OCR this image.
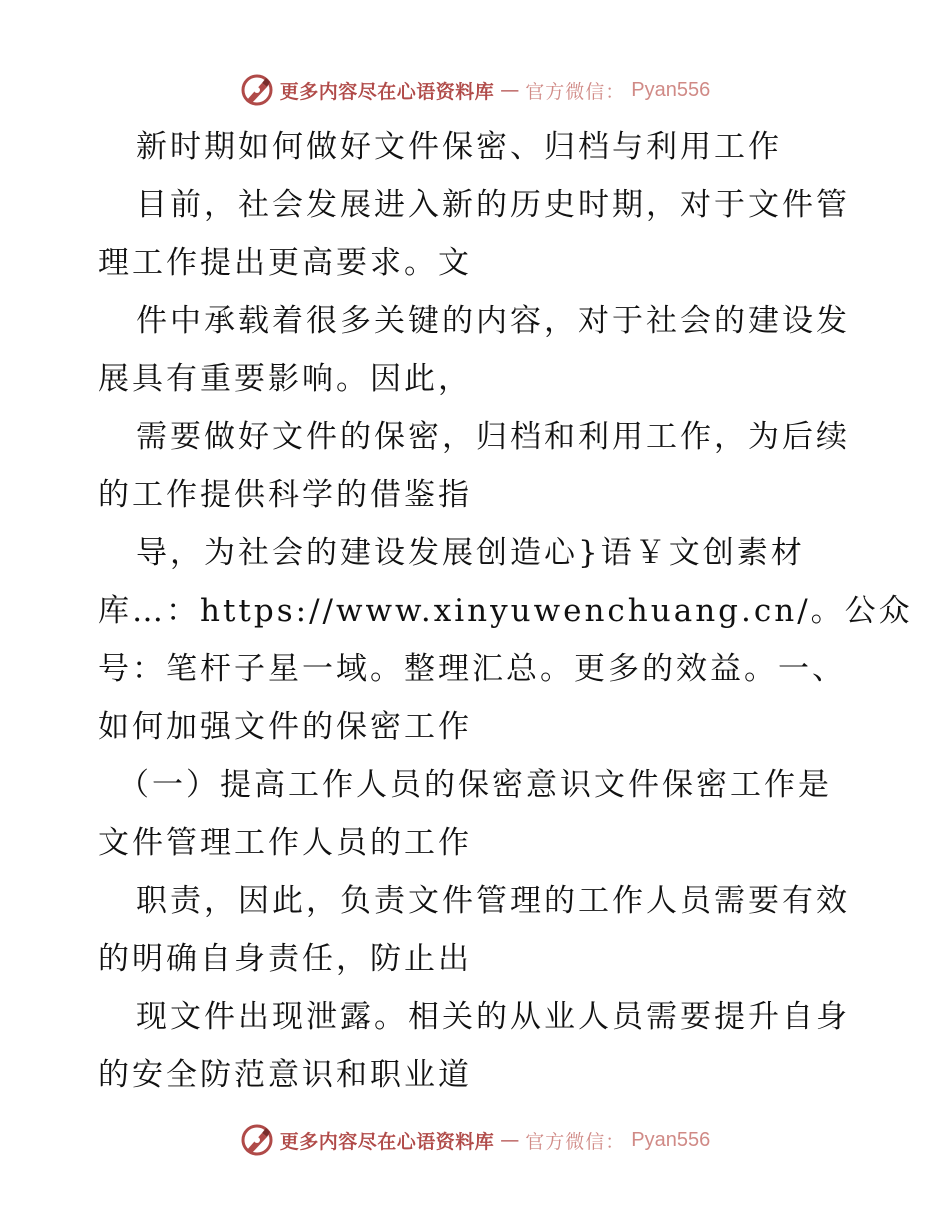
更多内容尽在心语资料库 — 官方微信： Pyan556
新时期如何做好文件保密、归档与利用工作
目前，社会发展进入新的历史时期，对于文件管
理工作提出更高要求。文
件中承载着很多关键的内容，对于社会的建设发
展具有重要影响。因此，
需要做好文件的保密，归档和利用工作，为后续
的工作提供科学的借鉴指
导，为社会的建设发展创造心}语￥文创素材
库…：https://www.xinyuwenchuang.cn/。公众
号：笔杆子星一域。整理汇总。更多的效益。一、
如何加强文件的保密工作
（一）提高工作人员的保密意识文件保密工作是
文件管理工作人员的工作
职责，因此，负责文件管理的工作人员需要有效
的明确自身责任，防止出
现文件出现泄露。相关的从业人员需要提升自身
的安全防范意识和职业道
更多内容尽在心语资料库 — 官方微信： Pyan556
